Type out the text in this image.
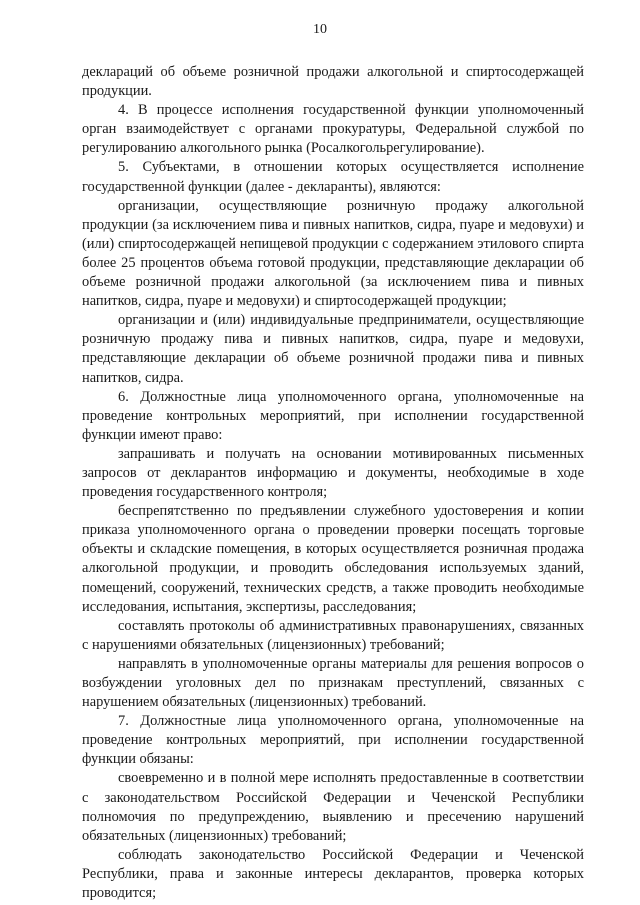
10

деклараций об объеме розничной продажи алкогольной и спиртосодержащей продукции.

4. В процессе исполнения государственной функции уполномоченный орган взаимодействует с органами прокуратуры, Федеральной службой по регулированию алкогольного рынка (Росалкогольрегулирование).

5. Субъектами, в отношении которых осуществляется исполнение государственной функции (далее - декларанты), являются:

организации, осуществляющие розничную продажу алкогольной продукции (за исключением пива и пивных напитков, сидра, пуаре и медовухи) и (или) спиртосодержащей непищевой продукции с содержанием этилового спирта более 25 процентов объема готовой продукции, представляющие декларации об объеме розничной продажи алкогольной (за исключением пива и пивных напитков, сидра, пуаре и медовухи) и спиртосодержащей продукции;

организации и (или) индивидуальные предприниматели, осуществляющие розничную продажу пива и пивных напитков, сидра, пуаре и медовухи, представляющие декларации об объеме розничной продажи пива и пивных напитков, сидра.

6. Должностные лица уполномоченного органа, уполномоченные на проведение контрольных мероприятий, при исполнении государственной функции имеют право:

запрашивать и получать на основании мотивированных письменных запросов от декларантов информацию и документы, необходимые в ходе проведения государственного контроля;

беспрепятственно по предъявлении служебного удостоверения и копии приказа уполномоченного органа о проведении проверки посещать торговые объекты и складские помещения, в которых осуществляется розничная продажа алкогольной продукции, и проводить обследования используемых зданий, помещений, сооружений, технических средств, а также проводить необходимые исследования, испытания, экспертизы, расследования;

составлять протоколы об административных правонарушениях, связанных с нарушениями обязательных (лицензионных) требований;

направлять в уполномоченные органы материалы для решения вопросов о возбуждении уголовных дел по признакам преступлений, связанных с нарушением обязательных (лицензионных) требований.

7. Должностные лица уполномоченного органа, уполномоченные на проведение контрольных мероприятий, при исполнении государственной функции обязаны:

своевременно и в полной мере исполнять предоставленные в соответствии с законодательством Российской Федерации и Чеченской Республики полномочия по предупреждению, выявлению и пресечению нарушений обязательных (лицензионных) требований;

соблюдать законодательство Российской Федерации и Чеченской Республики, права и законные интересы декларантов, проверка которых проводится;
